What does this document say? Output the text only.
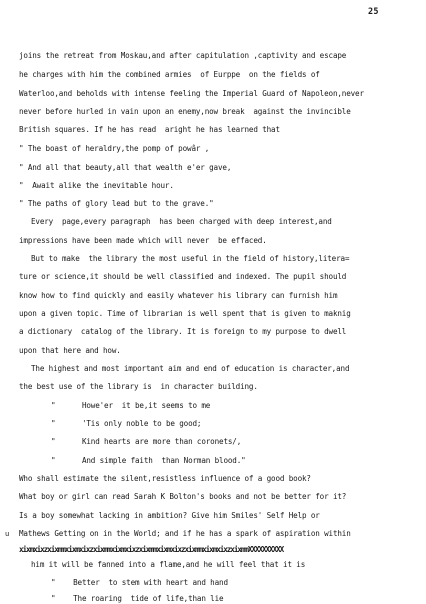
25
joins the retreat from Moskau,and after capitulation ,captivity and escape
he charges with him the combined armies  of Eurppe  on the fields of
Waterloo,and beholds with intense feeling the Imperial Guard of Napoleon,never
never before hurled in vain upon an enemy,now break  against the invincible
British squares. If he has read  aright he has learned that
" The boast of heraldry,the pomp of powâr ,
" And all that beauty,all that wealth e'er gave,
"  Await alike the inevitable hour.
" The paths of glory lead but to the grave."
Every  page,every paragraph  has been charged with deep interest,and
impressions have been made which will never  be effaced.
But to make  the library the most useful in the field of history,litera=
ture or science,it should be well classified and indexed. The pupil should
know how to find quickly and easily whatever his library can furnish him
upon a given topic. Time of librarian is well spent that is given to maknig
a dictionary  catalog of the library. It is foreign to my purpose to dwell
upon that here and how.
The highest and most important aim and end of education is character,and
the best use of the library is  in character building.
"      Howe'er  it be,it seems to me
"      'Tis only noble to be good;
"      Kind hearts are more than coronets/,
"      And simple faith  than Norman blood."
Who shall estimate the silent,resistless influence of a good book?
What boy or girl can read Sarah K Bolton's books and not be better for it?
Is a boy somewhat lacking in ambition? Give him Smiles' Self Help or
u Mathews Getting on in the World; and if he has a spark of aspiration within
xixmxixzxixmmxixmxixzxixmmxixmxixzxixmmxixmxixzxixmmxixmxixzxixmmXXXXXXXXXX
him it will be fanned into a flame,and he will feel that it is
"    Better  to stem with heart and hand
"    The roaring  tide of life,than lie
